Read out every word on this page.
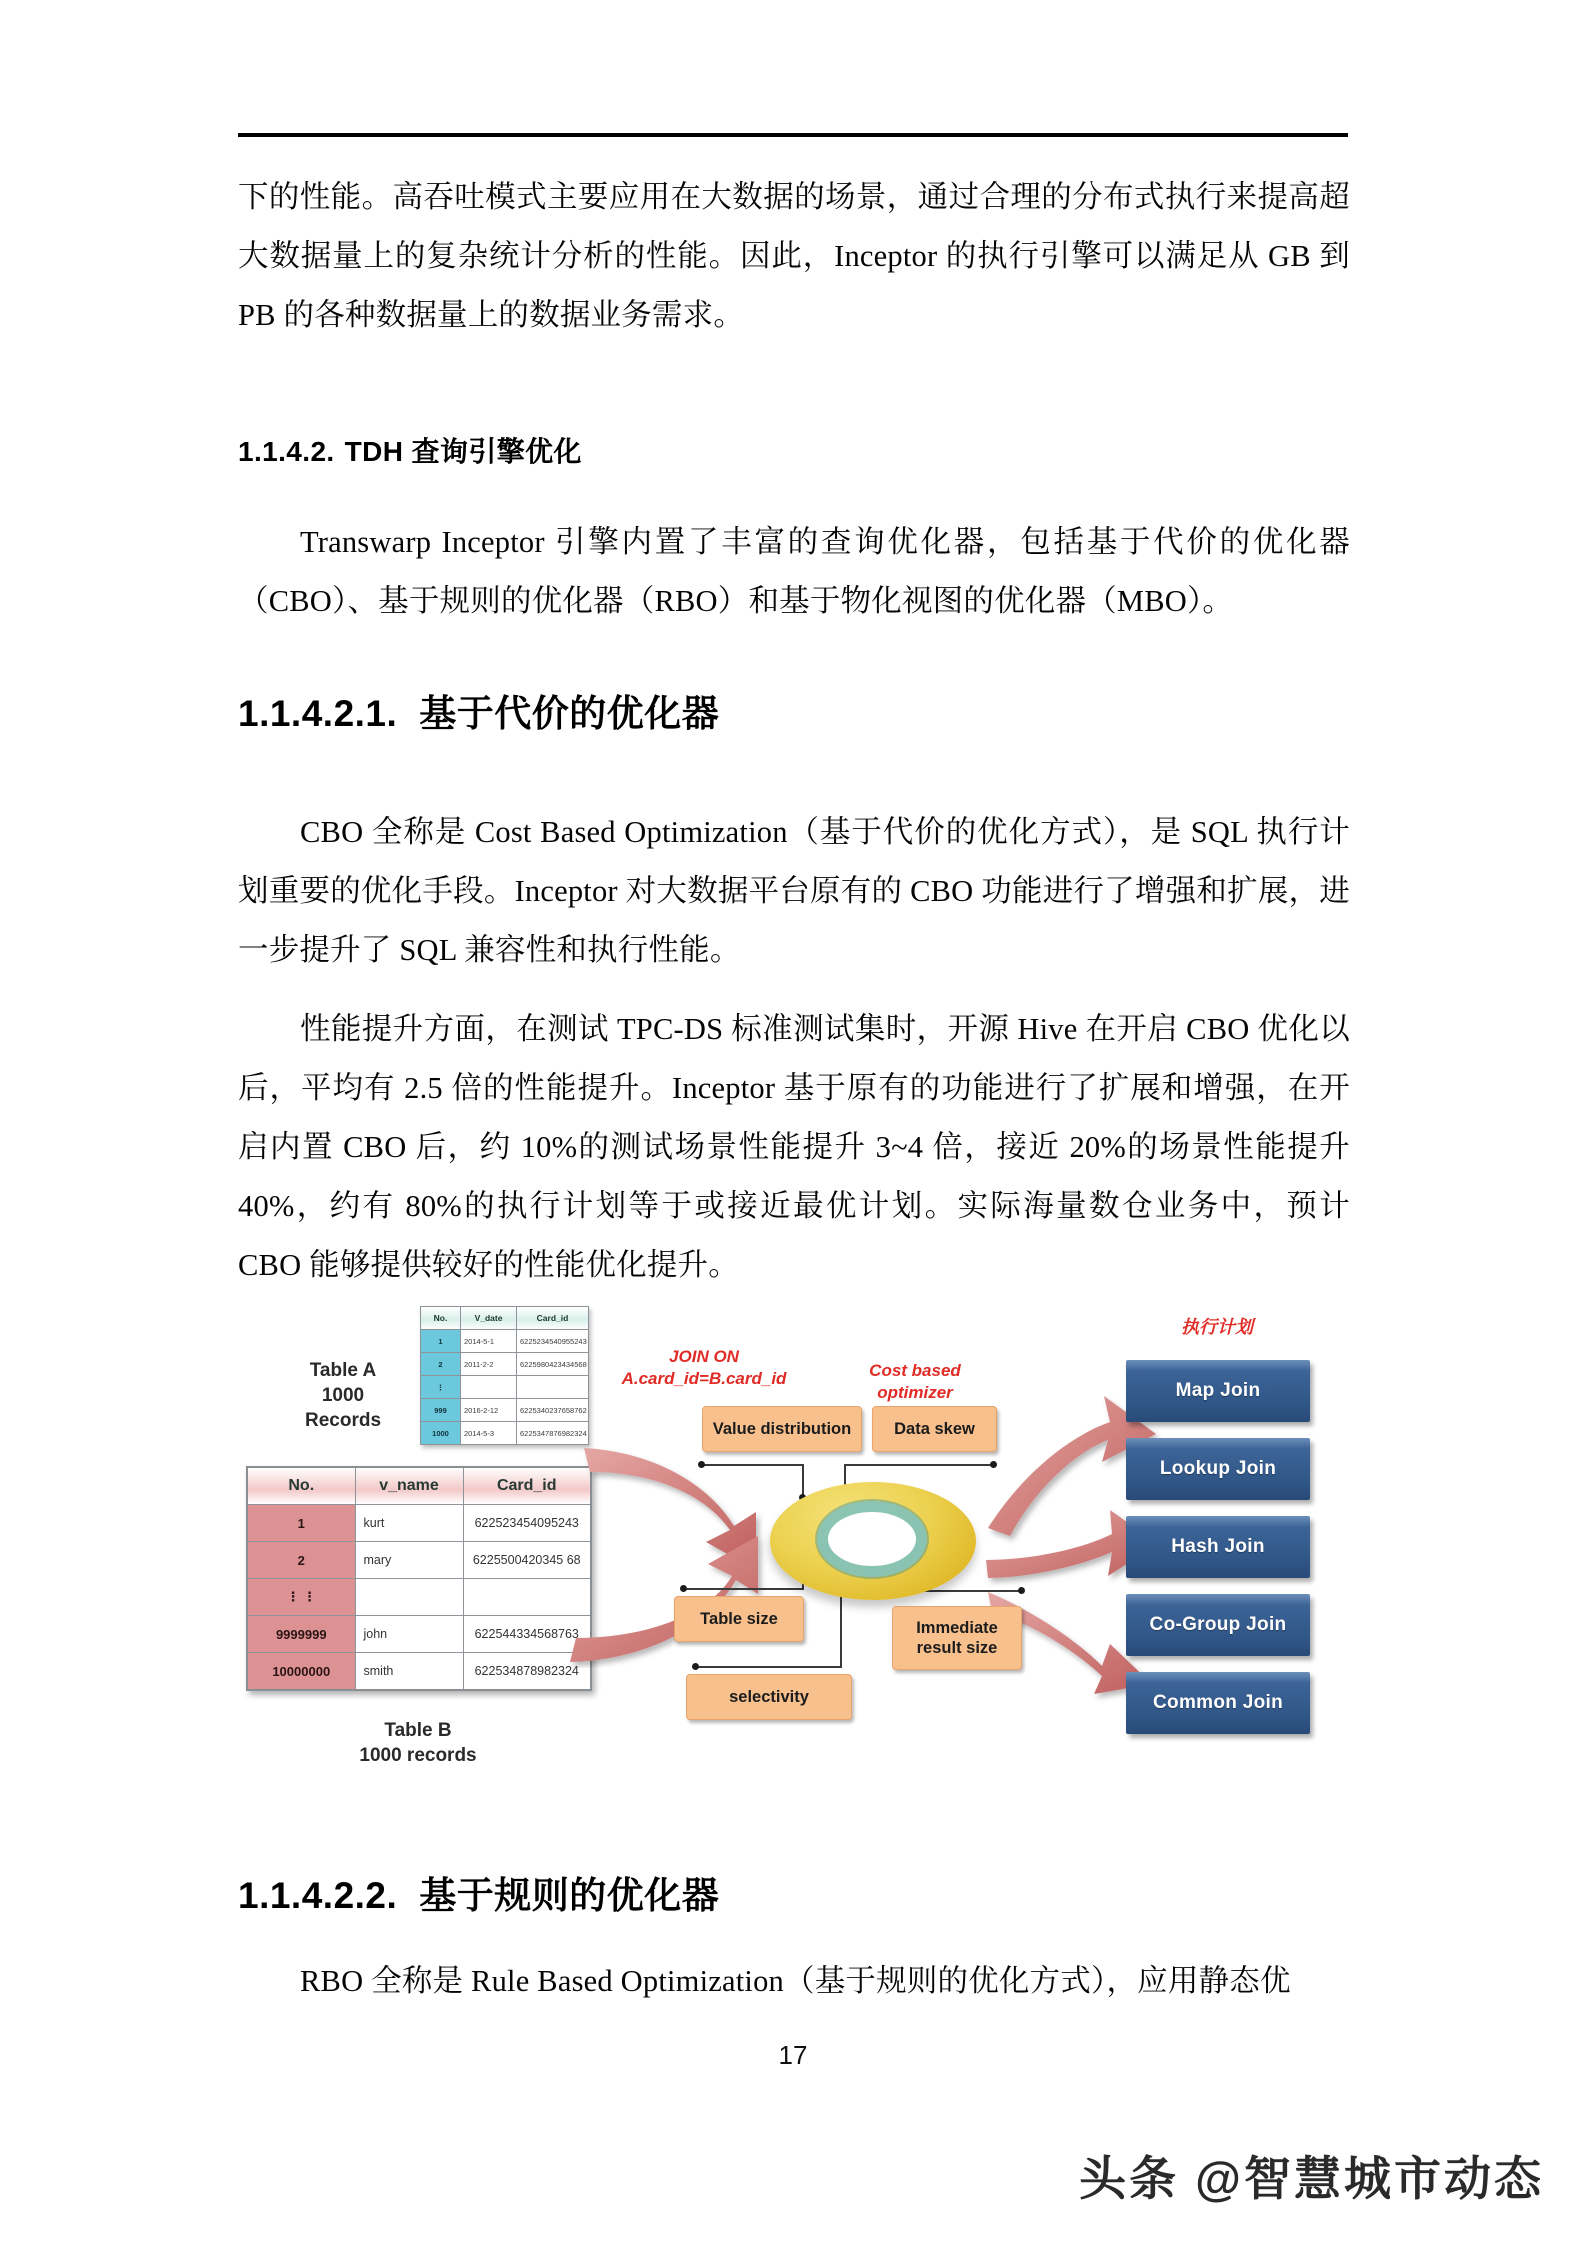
下的性能。高吞吐模式主要应用在大数据的场景，通过合理的分布式执行来提高超大数据量上的复杂统计分析的性能。因此，Inceptor 的执行引擎可以满足从 GB 到 PB 的各种数据量上的数据业务需求。

1.1.4.2. TDH 查询引擎优化

Transwarp Inceptor 引擎内置了丰富的查询优化器，包括基于代价的优化器（CBO）、基于规则的优化器（RBO）和基于物化视图的优化器（MBO）。

1.1.4.2.1. 基于代价的优化器

CBO 全称是 Cost Based Optimization（基于代价的优化方式），是 SQL 执行计划重要的优化手段。Inceptor 对大数据平台原有的 CBO 功能进行了增强和扩展，进一步提升了 SQL 兼容性和执行性能。

性能提升方面，在测试 TPC-DS 标准测试集时，开源 Hive 在开启 CBO 优化以后，平均有 2.5 倍的性能提升。Inceptor 基于原有的功能进行了扩展和增强，在开启内置 CBO 后，约 10%的测试场景性能提升 3~4 倍，接近 20%的场景性能提升 40%，约有 80%的执行计划等于或接近最优计划。实际海量数仓业务中，预计 CBO 能够提供较好的性能优化提升。

Table A
1000
Records
No.	V_date	Card_id
1	2014-5-1	6225234540955243
2	2011-2-2	6225980423434568
⋮		
999	2016-2-12	6225340237658762
1000	2014-5-3	6225347876982324
No.	v_name	Card_id
1	kurt	622523454095243
2	mary	6225500420345 68
⋮ ⋮		
9999999	john	622544334568763
10000000	smith	622534878982324
Table B
1000 records
JOIN ON
A.card_id=B.card_id	Cost based
optimizer
执行计划
Value distribution	Data skew
Table size
selectivity
Immediate
result size
Map Join
Lookup Join
Hash Join
Co-Group Join
Common Join
1.1.4.2.2. 基于规则的优化器

RBO 全称是 Rule Based Optimization（基于规则的优化方式），应用静态优

17
头条 @智慧城市动态
